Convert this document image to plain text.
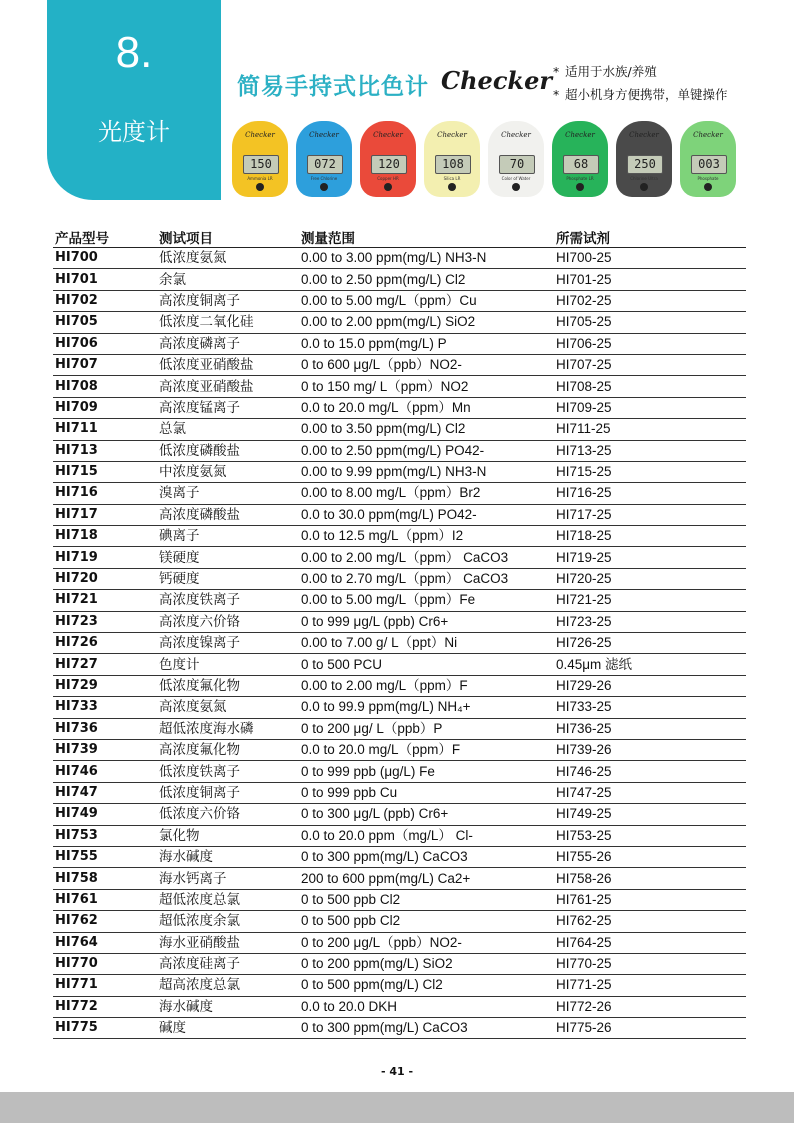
8.
光度计
简易手持式比色计 Checker * 适用于水族/养殖
* 超小机身方便携带，单键操作
Checker
150
Ammonia LR
Checker
072
Free Chlorine
Checker
120
Copper HR
Checker
108
Silica LR
Checker
70
Color of Water
Checker
68
Phosphate LR
Checker
250
Chlorine Ultra
Checker
003
Phosphate
产品型号	测试项目	测量范围	所需试剂
HI700	低浓度氨氮	0.00 to 3.00 ppm(mg/L) NH3-N	HI700-25
HI701	余氯	0.00 to 2.50 ppm(mg/L) Cl2	HI701-25
HI702	高浓度铜离子	0.00 to 5.00 mg/L（ppm）Cu	HI702-25
HI705	低浓度二氧化硅	0.00 to 2.00 ppm(mg/L) SiO2	HI705-25
HI706	高浓度磷离子	0.0 to 15.0 ppm(mg/L) P	HI706-25
HI707	低浓度亚硝酸盐	0 to 600 μg/L（ppb）NO2-	HI707-25
HI708	高浓度亚硝酸盐	0 to 150 mg/ L（ppm）NO2	HI708-25
HI709	高浓度锰离子	0.0 to 20.0 mg/L（ppm）Mn	HI709-25
HI711	总氯	0.00 to 3.50 ppm(mg/L) Cl2	HI711-25
HI713	低浓度磷酸盐	0.00 to 2.50 ppm(mg/L) PO42-	HI713-25
HI715	中浓度氨氮	0.00 to 9.99 ppm(mg/L) NH3-N	HI715-25
HI716	溴离子	0.00 to 8.00 mg/L（ppm）Br2	HI716-25
HI717	高浓度磷酸盐	0.0 to 30.0 ppm(mg/L) PO42-	HI717-25
HI718	碘离子	0.0 to 12.5 mg/L（ppm）I2	HI718-25
HI719	镁硬度	0.00 to 2.00 mg/L（ppm） CaCO3	HI719-25
HI720	钙硬度	0.00 to 2.70 mg/L（ppm） CaCO3	HI720-25
HI721	高浓度铁离子	0.00 to 5.00 mg/L（ppm）Fe	HI721-25
HI723	高浓度六价铬	0 to 999 μg/L (ppb) Cr6+	HI723-25
HI726	高浓度镍离子	0.00 to 7.00 g/ L（ppt）Ni	HI726-25
HI727	色度计	0 to 500 PCU	0.45μm 滤纸
HI729	低浓度氟化物	0.00 to 2.00 mg/L（ppm）F	HI729-26
HI733	高浓度氨氮	0.0 to 99.9 ppm(mg/L) NH₄+	HI733-25
HI736	超低浓度海水磷	0 to 200 μg/ L（ppb）P	HI736-25
HI739	高浓度氟化物	0.0 to 20.0 mg/L（ppm）F	HI739-26
HI746	低浓度铁离子	0 to 999 ppb (μg/L) Fe	HI746-25
HI747	低浓度铜离子	0 to 999 ppb Cu	HI747-25
HI749	低浓度六价铬	0 to 300 μg/L (ppb) Cr6+	HI749-25
HI753	氯化物	0.0 to 20.0 ppm（mg/L） Cl-	HI753-25
HI755	海水碱度	0 to 300 ppm(mg/L) CaCO3	HI755-26
HI758	海水钙离子	200 to 600 ppm(mg/L) Ca2+	HI758-26
HI761	超低浓度总氯	0 to 500 ppb Cl2	HI761-25
HI762	超低浓度余氯	0 to 500 ppb Cl2	HI762-25
HI764	海水亚硝酸盐	0 to 200 μg/L（ppb）NO2-	HI764-25
HI770	高浓度硅离子	0 to 200 ppm(mg/L) SiO2	HI770-25
HI771	超高浓度总氯	0 to 500 ppm(mg/L) Cl2	HI771-25
HI772	海水碱度	0.0 to 20.0 DKH	HI772-26
HI775	碱度	0 to 300 ppm(mg/L) CaCO3	HI775-26
- 41 -
